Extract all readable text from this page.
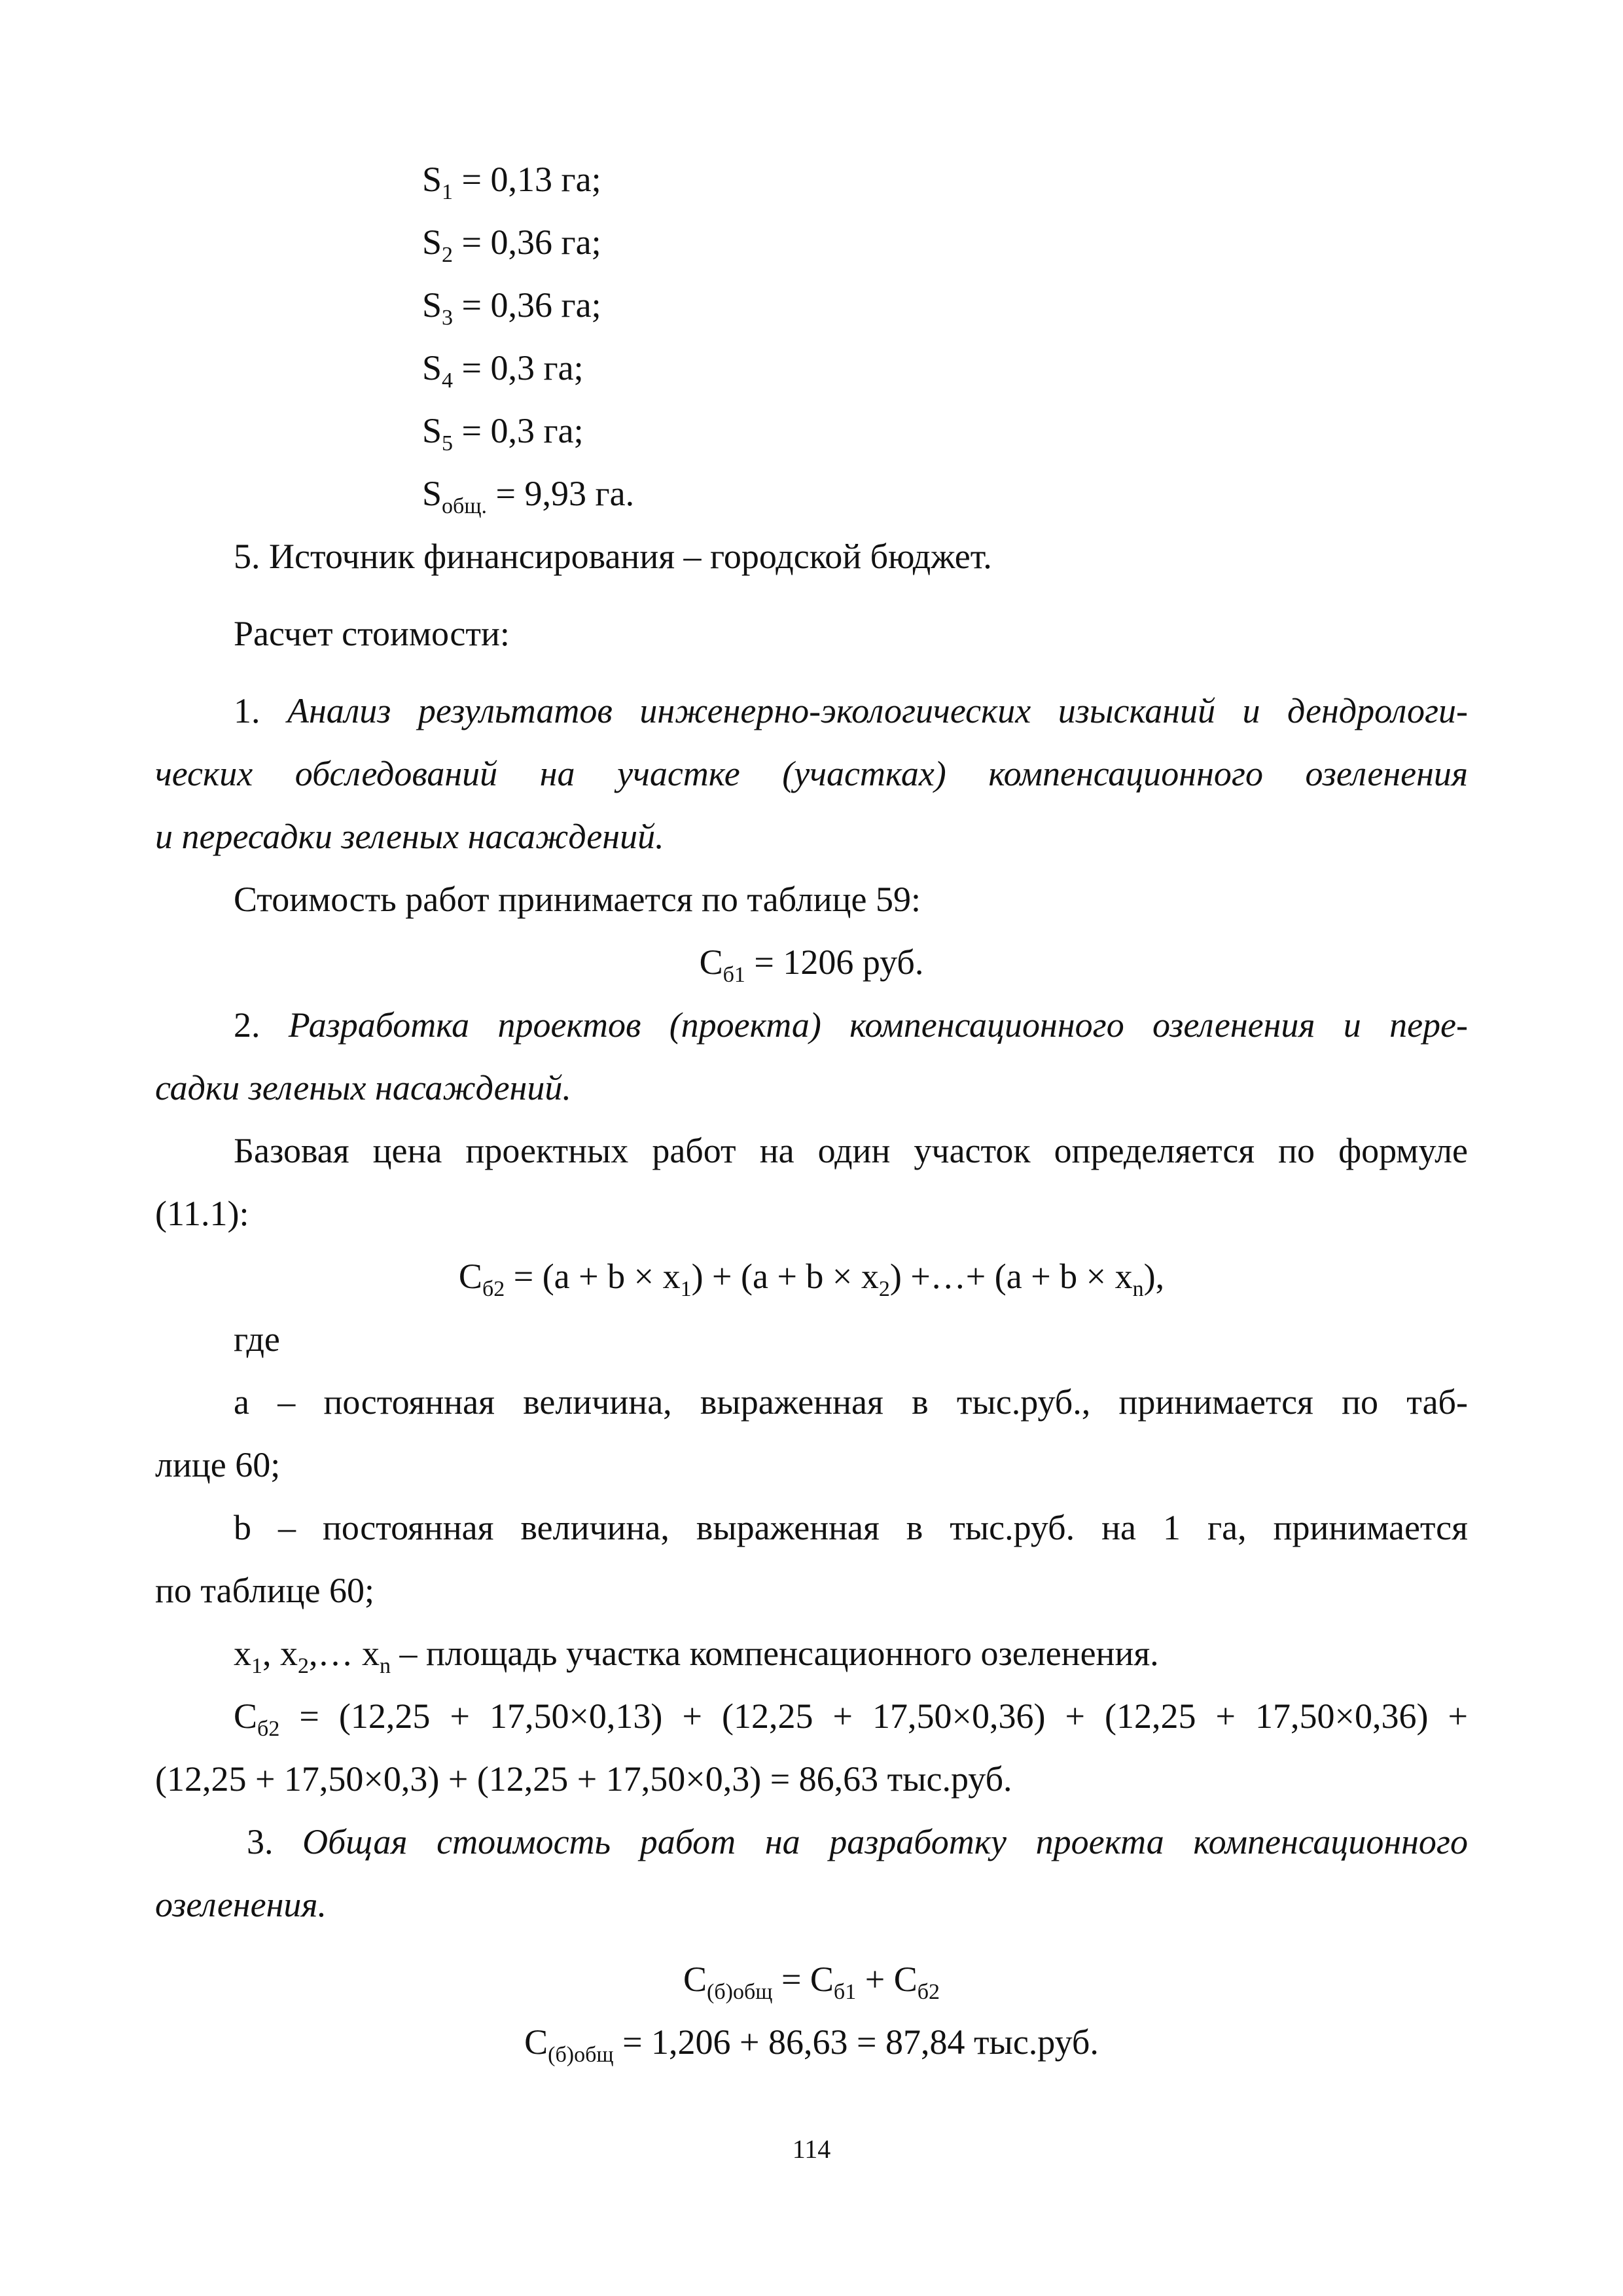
$S_1 = 0,13$ га;
$S_2 = 0,36$ га;
$S_3 = 0,36$ га;
$S_4 = 0,3$ га;
$S_5 = 0,3$ га;
$S_{общ.} = 9,93$ га.
5. Источник финансирования – городской бюджет.
Расчет стоимости:
1. Анализ результатов инженерно-экологических изысканий и дендрологи-
ческих обследований на участке (участках) компенсационного озеленения
и пересадки зеленых насаждений.
Стоимость работ принимается по таблице 59:
$С_{б1} = 1206$ руб.
2. Разработка проектов (проекта) компенсационного озеленения и пере-
садки зеленых насаждений.
Базовая цена проектных работ на один участок определяется по формуле
(11.1):
$С_{б2} = (a + b \times x_1) + (a + b \times x_2)$ +…+ $(a + b \times x_n)$,
где
a – постоянная величина, выраженная в тыс.руб., принимается по таб-
лице 60;
b – постоянная величина, выраженная в тыс.руб. на 1 га, принимается
по таблице 60;
$x_1$, $x_2,\dots$ $x_n$ – площадь участка компенсационного озеленения.
$С_{б2} = (12,25 + 17,50\times 0,13) + (12,25 + 17,50\times 0,36) + (12,25 + 17,50\times 0,36)$ +
(12,25 + 17,50×0,3) + (12,25 + 17,50×0,3) = 86,63 тыс.руб.
3. Общая стоимость работ на разработку проекта компенсационного
озеленения.
$С_{(б)общ} = С_{б1} + С_{б2}$
$С_{(б)общ} = 1,206 + 86,63 = 87,84$ тыс.руб.
114
